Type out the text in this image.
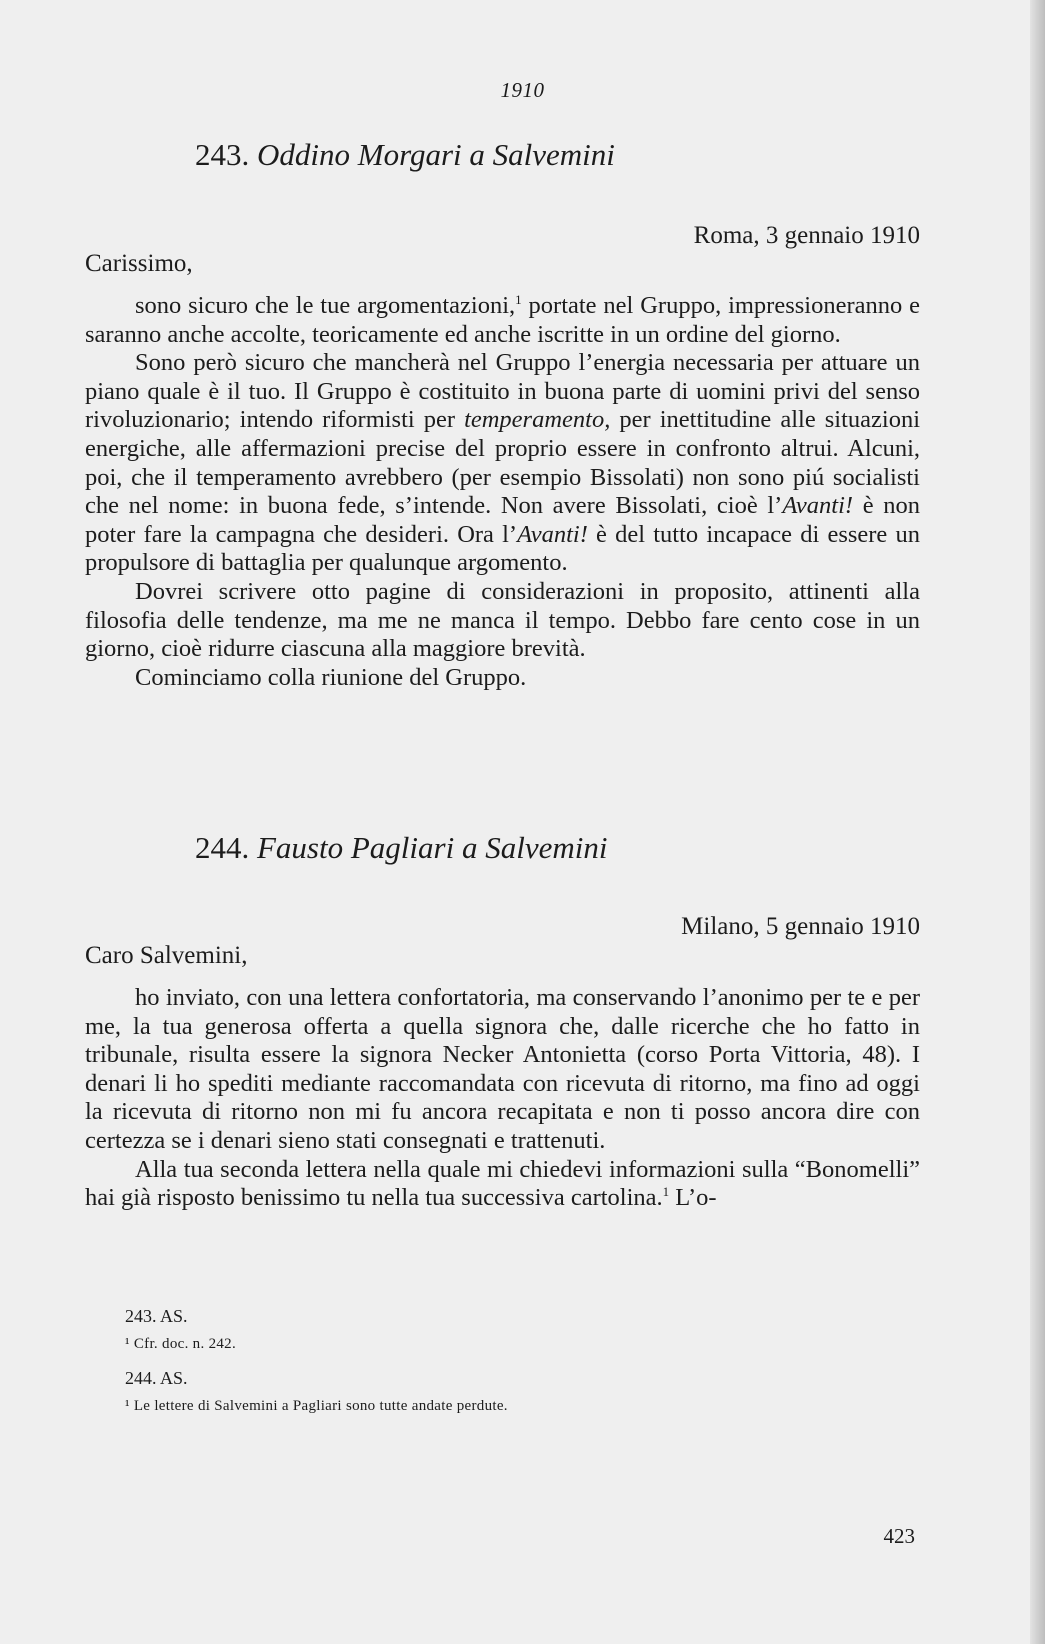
1910
243. Oddino Morgari a Salvemini
Roma, 3 gennaio 1910
Carissimo,

sono sicuro che le tue argomentazioni,$^1$ portate nel Gruppo, impressioneranno e saranno anche accolte, teoricamente ed anche iscritte in un ordine del giorno.

Sono però sicuro che mancherà nel Gruppo l’energia necessaria per attuare un piano quale è il tuo. Il Gruppo è costituito in buona parte di uomini privi del senso rivoluzionario; intendo riformisti per temperamento, per inettitudine alle situazioni energiche, alle affermazioni precise del proprio essere in confronto altrui. Alcuni, poi, che il temperamento avrebbero (per esempio Bissolati) non sono piú socialisti che nel nome: in buona fede, s’intende. Non avere Bissolati, cioè l’Avanti! è non poter fare la campagna che desideri. Ora l’Avanti! è del tutto incapace di essere un propulsore di battaglia per qualunque argomento.

Dovrei scrivere otto pagine di considerazioni in proposito, attinenti alla filosofia delle tendenze, ma me ne manca il tempo. Debbo fare cento cose in un giorno, cioè ridurre ciascuna alla maggiore brevità.

Cominciamo colla riunione del Gruppo.

244. Fausto Pagliari a Salvemini
Milano, 5 gennaio 1910
Caro Salvemini,

ho inviato, con una lettera confortatoria, ma conservando l’anonimo per te e per me, la tua generosa offerta a quella signora che, dalle ricerche che ho fatto in tribunale, risulta essere la signora Necker Antonietta (corso Porta Vittoria, 48). I denari li ho spediti mediante raccomandata con ricevuta di ritorno, ma fino ad oggi la ricevuta di ritorno non mi fu ancora recapitata e non ti posso ancora dire con certezza se i denari sieno stati consegnati e trattenuti.

Alla tua seconda lettera nella quale mi chiedevi informazioni sulla “Bonomelli” hai già risposto benissimo tu nella tua successiva cartolina.$^1$ L’o-

243. AS.

¹ Cfr. doc. n. 242.

244. AS.

¹ Le lettere di Salvemini a Pagliari sono tutte andate perdute.

423
